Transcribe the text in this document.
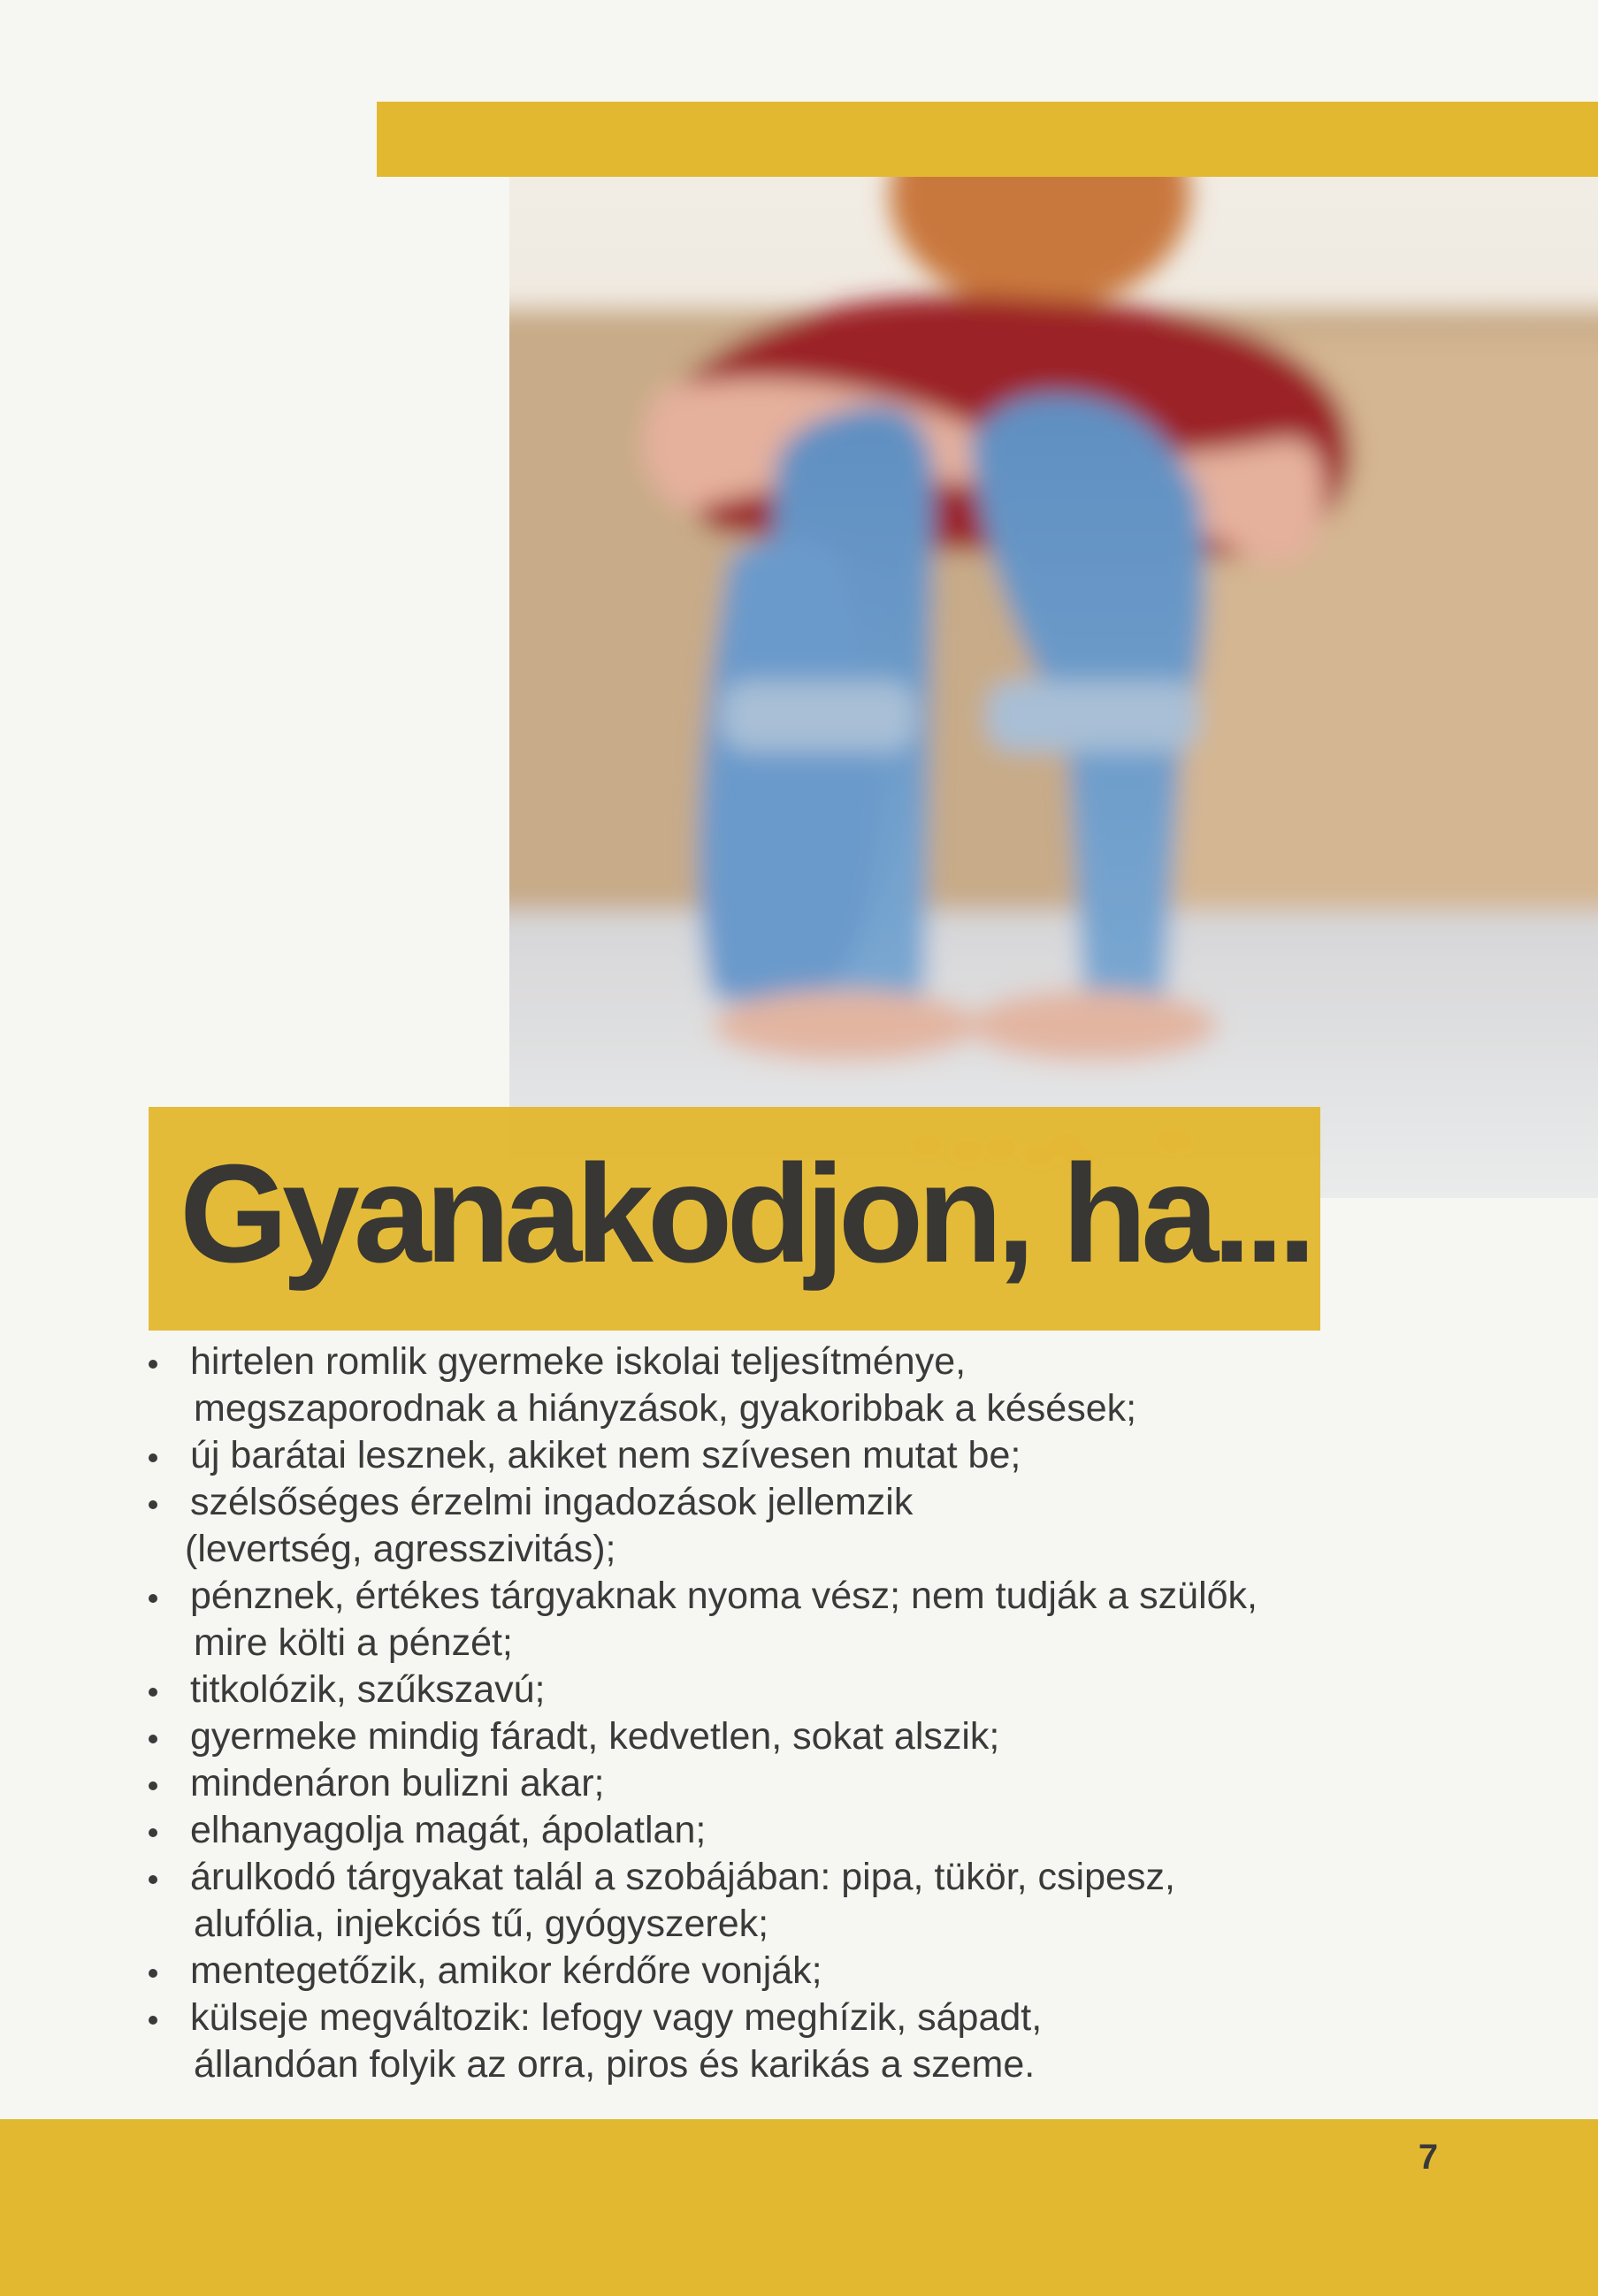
Gyanakodjon, ha...
hirtelen romlik gyermeke iskolai teljesítménye,
megszaporodnak a hiányzások, gyakoribbak a késések;
új barátai lesznek, akiket nem szívesen mutat be;
szélsőséges érzelmi ingadozások jellemzik
(levertség, agresszivitás);
pénznek, értékes tárgyaknak nyoma vész; nem tudják a szülők,
mire költi a pénzét;
titkolózik, szűkszavú;
gyermeke mindig fáradt, kedvetlen, sokat alszik;
mindenáron bulizni akar;
elhanyagolja magát, ápolatlan;
árulkodó tárgyakat talál a szobájában: pipa, tükör, csipesz,
alufólia, injekciós tű, gyógyszerek;
mentegetőzik, amikor kérdőre vonják;
külseje megváltozik: lefogy vagy meghízik, sápadt,
állandóan folyik az orra, piros és karikás a szeme.
7
